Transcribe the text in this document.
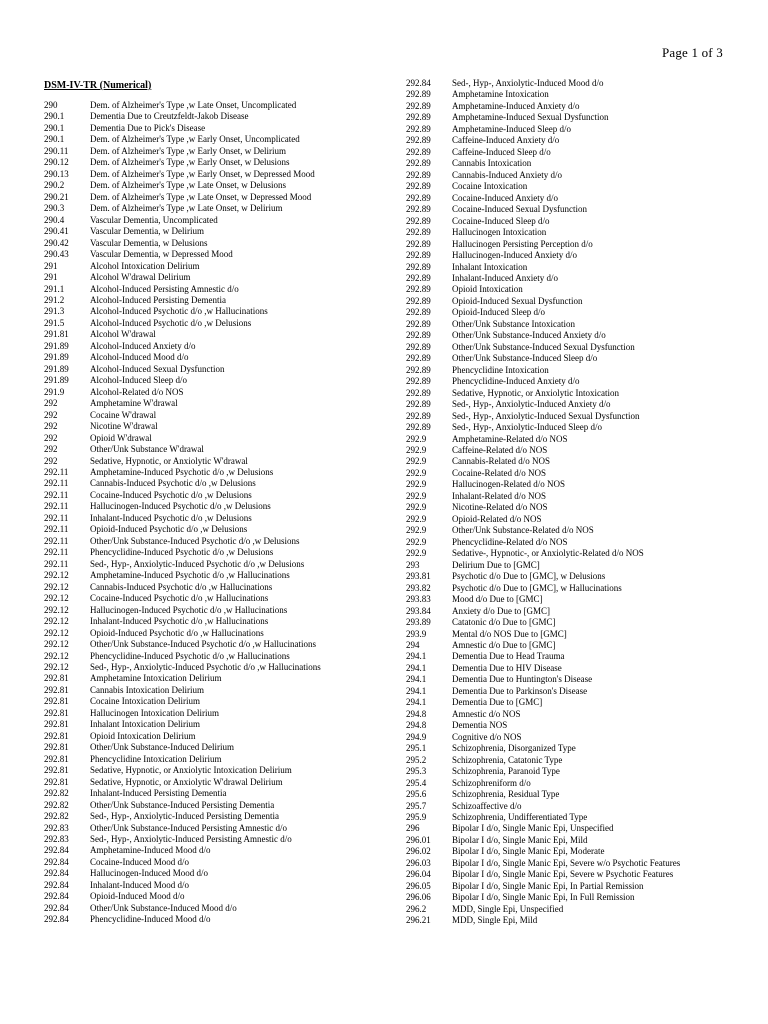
Page 1 of 3
DSM-IV-TR (Numerical)
290	Dem. of Alzheimer's Type ,w Late Onset, Uncomplicated
290.1	Dementia Due to Creutzfeldt-Jakob Disease
290.1	Dementia Due to Pick's Disease
290.1	Dem. of Alzheimer's Type ,w Early Onset, Uncomplicated
290.11	Dem. of Alzheimer's Type ,w Early Onset, w Delirium
290.12	Dem. of Alzheimer's Type ,w Early Onset, w Delusions
290.13	Dem. of Alzheimer's Type ,w Early Onset, w Depressed Mood
290.2	Dem. of Alzheimer's Type ,w Late Onset, w Delusions
290.21	Dem. of Alzheimer's Type ,w Late Onset, w Depressed Mood
290.3	Dem. of Alzheimer's Type ,w Late Onset, w Delirium
290.4	Vascular Dementia, Uncomplicated
290.41	Vascular Dementia, w Delirium
290.42	Vascular Dementia, w Delusions
290.43	Vascular Dementia, w Depressed Mood
291	Alcohol Intoxication Delirium
291	Alcohol W'drawal Delirium
291.1	Alcohol-Induced Persisting Amnestic d/o
291.2	Alcohol-Induced Persisting Dementia
291.3	Alcohol-Induced Psychotic d/o ,w Hallucinations
291.5	Alcohol-Induced Psychotic d/o ,w Delusions
291.81	Alcohol W'drawal
291.89	Alcohol-Induced Anxiety d/o
291.89	Alcohol-Induced Mood d/o
291.89	Alcohol-Induced Sexual Dysfunction
291.89	Alcohol-Induced Sleep d/o
291.9	Alcohol-Related d/o NOS
292	Amphetamine W'drawal
292	Cocaine W'drawal
292	Nicotine W'drawal
292	Opioid W'drawal
292	Other/Unk Substance W'drawal
292	Sedative, Hypnotic, or Anxiolytic W'drawal
292.11	Amphetamine-Induced Psychotic d/o ,w Delusions
292.11	Cannabis-Induced Psychotic d/o ,w Delusions
292.11	Cocaine-Induced Psychotic d/o ,w Delusions
292.11	Hallucinogen-Induced Psychotic d/o ,w Delusions
292.11	Inhalant-Induced Psychotic d/o ,w Delusions
292.11	Opioid-Induced Psychotic d/o ,w Delusions
292.11	Other/Unk Substance-Induced Psychotic d/o ,w Delusions
292.11	Phencyclidine-Induced Psychotic d/o ,w Delusions
292.11	Sed-, Hyp-, Anxiolytic-Induced Psychotic d/o ,w Delusions
292.12	Amphetamine-Induced Psychotic d/o ,w Hallucinations
292.12	Cannabis-Induced Psychotic d/o ,w Hallucinations
292.12	Cocaine-Induced Psychotic d/o ,w Hallucinations
292.12	Hallucinogen-Induced Psychotic d/o ,w Hallucinations
292.12	Inhalant-Induced Psychotic d/o ,w Hallucinations
292.12	Opioid-Induced Psychotic d/o ,w Hallucinations
292.12	Other/Unk Substance-Induced Psychotic d/o ,w Hallucinations
292.12	Phencyclidine-Induced Psychotic d/o ,w Hallucinations
292.12	Sed-, Hyp-, Anxiolytic-Induced Psychotic d/o ,w Hallucinations
292.81	Amphetamine Intoxication Delirium
292.81	Cannabis Intoxication Delirium
292.81	Cocaine Intoxication Delirium
292.81	Hallucinogen Intoxication Delirium
292.81	Inhalant Intoxication Delirium
292.81	Opioid Intoxication Delirium
292.81	Other/Unk Substance-Induced Delirium
292.81	Phencyclidine Intoxication Delirium
292.81	Sedative, Hypnotic, or Anxiolytic Intoxication Delirium
292.81	Sedative, Hypnotic, or Anxiolytic W'drawal Delirium
292.82	Inhalant-Induced Persisting Dementia
292.82	Other/Unk Substance-Induced Persisting Dementia
292.82	Sed-, Hyp-, Anxiolytic-Induced Persisting Dementia
292.83	Other/Unk Substance-Induced Persisting Amnestic d/o
292.83	Sed-, Hyp-, Anxiolytic-Induced Persisting Amnestic d/o
292.84	Amphetamine-Induced Mood d/o
292.84	Cocaine-Induced Mood d/o
292.84	Hallucinogen-Induced Mood d/o
292.84	Inhalant-Induced Mood d/o
292.84	Opioid-Induced Mood d/o
292.84	Other/Unk Substance-Induced Mood d/o
292.84	Phencyclidine-Induced Mood d/o
292.84	Sed-, Hyp-, Anxiolytic-Induced Mood d/o
292.89	Amphetamine Intoxication
292.89	Amphetamine-Induced Anxiety d/o
292.89	Amphetamine-Induced Sexual Dysfunction
292.89	Amphetamine-Induced Sleep d/o
292.89	Caffeine-Induced Anxiety d/o
292.89	Caffeine-Induced Sleep d/o
292.89	Cannabis Intoxication
292.89	Cannabis-Induced Anxiety d/o
292.89	Cocaine Intoxication
292.89	Cocaine-Induced Anxiety d/o
292.89	Cocaine-Induced Sexual Dysfunction
292.89	Cocaine-Induced Sleep d/o
292.89	Hallucinogen Intoxication
292.89	Hallucinogen Persisting Perception d/o
292.89	Hallucinogen-Induced Anxiety d/o
292.89	Inhalant Intoxication
292.89	Inhalant-Induced Anxiety d/o
292.89	Opioid Intoxication
292.89	Opioid-Induced Sexual Dysfunction
292.89	Opioid-Induced Sleep d/o
292.89	Other/Unk Substance Intoxication
292.89	Other/Unk Substance-Induced Anxiety d/o
292.89	Other/Unk Substance-Induced Sexual Dysfunction
292.89	Other/Unk Substance-Induced Sleep d/o
292.89	Phencyclidine Intoxication
292.89	Phencyclidine-Induced Anxiety d/o
292.89	Sedative, Hypnotic, or Anxiolytic Intoxication
292.89	Sed-, Hyp-, Anxiolytic-Induced Anxiety d/o
292.89	Sed-, Hyp-, Anxiolytic-Induced Sexual Dysfunction
292.89	Sed-, Hyp-, Anxiolytic-Induced Sleep d/o
292.9	Amphetamine-Related d/o NOS
292.9	Caffeine-Related d/o NOS
292.9	Cannabis-Related d/o NOS
292.9	Cocaine-Related d/o NOS
292.9	Hallucinogen-Related d/o NOS
292.9	Inhalant-Related d/o NOS
292.9	Nicotine-Related d/o NOS
292.9	Opioid-Related d/o NOS
292.9	Other/Unk Substance-Related d/o NOS
292.9	Phencyclidine-Related d/o NOS
292.9	Sedative-, Hypnotic-, or Anxiolytic-Related d/o NOS
293	Delirium Due to [GMC]
293.81	Psychotic d/o Due to [GMC], w Delusions
293.82	Psychotic d/o Due to [GMC], w Hallucinations
293.83	Mood d/o Due to [GMC]
293.84	Anxiety d/o Due to [GMC]
293.89	Catatonic d/o Due to [GMC]
293.9	Mental d/o NOS Due to [GMC]
294	Amnestic d/o Due to [GMC]
294.1	Dementia Due to Head Trauma
294.1	Dementia Due to HIV Disease
294.1	Dementia Due to Huntington's Disease
294.1	Dementia Due to Parkinson's Disease
294.1	Dementia Due to [GMC]
294.8	Amnestic d/o NOS
294.8	Dementia NOS
294.9	Cognitive d/o NOS
295.1	Schizophrenia, Disorganized Type
295.2	Schizophrenia, Catatonic Type
295.3	Schizophrenia, Paranoid Type
295.4	Schizophreniform d/o
295.6	Schizophrenia, Residual Type
295.7	Schizoaffective d/o
295.9	Schizophrenia, Undifferentiated Type
296	Bipolar I d/o, Single Manic Epi, Unspecified
296.01	Bipolar I d/o, Single Manic Epi, Mild
296.02	Bipolar I d/o, Single Manic Epi, Moderate
296.03	Bipolar I d/o, Single Manic Epi, Severe w/o Psychotic Features
296.04	Bipolar I d/o, Single Manic Epi, Severe w Psychotic Features
296.05	Bipolar I d/o, Single Manic Epi, In Partial Remission
296.06	Bipolar I d/o, Single Manic Epi, In Full Remission
296.2	MDD, Single Epi, Unspecified
296.21	MDD, Single Epi, Mild
